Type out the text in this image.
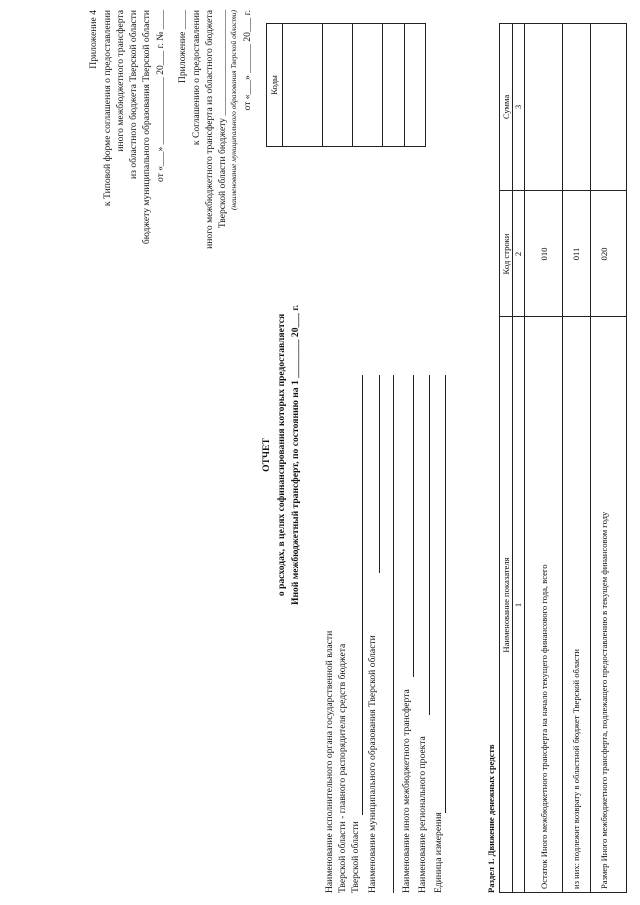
Приложение 4 к Типовой форме соглашения о предоставлении иного межбюджетного трансферта из областного бюджета Тверской области бюджету муниципального образования Тверской области от «___» ______________ 20___ г. № ____ Приложение ____ к Соглашению о предоставлении иного межбюджетного трансферта из областного бюджета Тверской области бюджету ______________________ (наименование муниципального образования Тверской области) от «___» ______ 20___ г. Коды
ОТЧЕТ о расходах, в целях софинансирования которых предоставляется Иной межбюджетный трансферт, по состоянию на 1 ________ 20___ г.
Наименование исполнительного органа государственной власти Тверской области - главного распорядителя средств бюджета Тверской области Наименование муниципального образования Тверской области Наименование иного межбюджетного трансферта Наименование регионального проекта Единица измерения	Раздел 1. Движение денежных средств
Наименование показателя
Код строки
Сумма
1
2
3
Остаток Иного межбюджетного трансферта на начало текущего финансового года, всего
010
из них: подлежит возврату в областной бюджет Тверской области
011
Размер Иного межбюджетного трансферта, подлежащего предоставлению в текущем финансовом году
020
